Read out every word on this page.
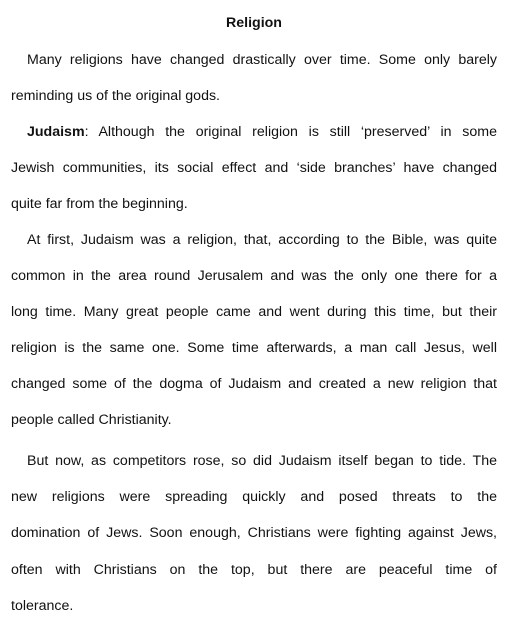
Religion
Many religions have changed drastically over time. Some only barely
reminding us of the original gods.
Judaism: Although the original religion is still ‘preserved’ in some
Jewish communities, its social effect and ‘side branches’ have changed
quite far from the beginning.
At first, Judaism was a religion, that, according to the Bible, was quite
common in the area round Jerusalem and was the only one there for a
long time. Many great people came and went during this time, but their
religion is the same one. Some time afterwards, a man call Jesus, well
changed some of the dogma of Judaism and created a new religion that
people called Christianity.
But now, as competitors rose, so did Judaism itself began to tide. The
new religions were spreading quickly and posed threats to the
domination of Jews. Soon enough, Christians were fighting against Jews,
often with Christians on the top, but there are peaceful time of
tolerance.
